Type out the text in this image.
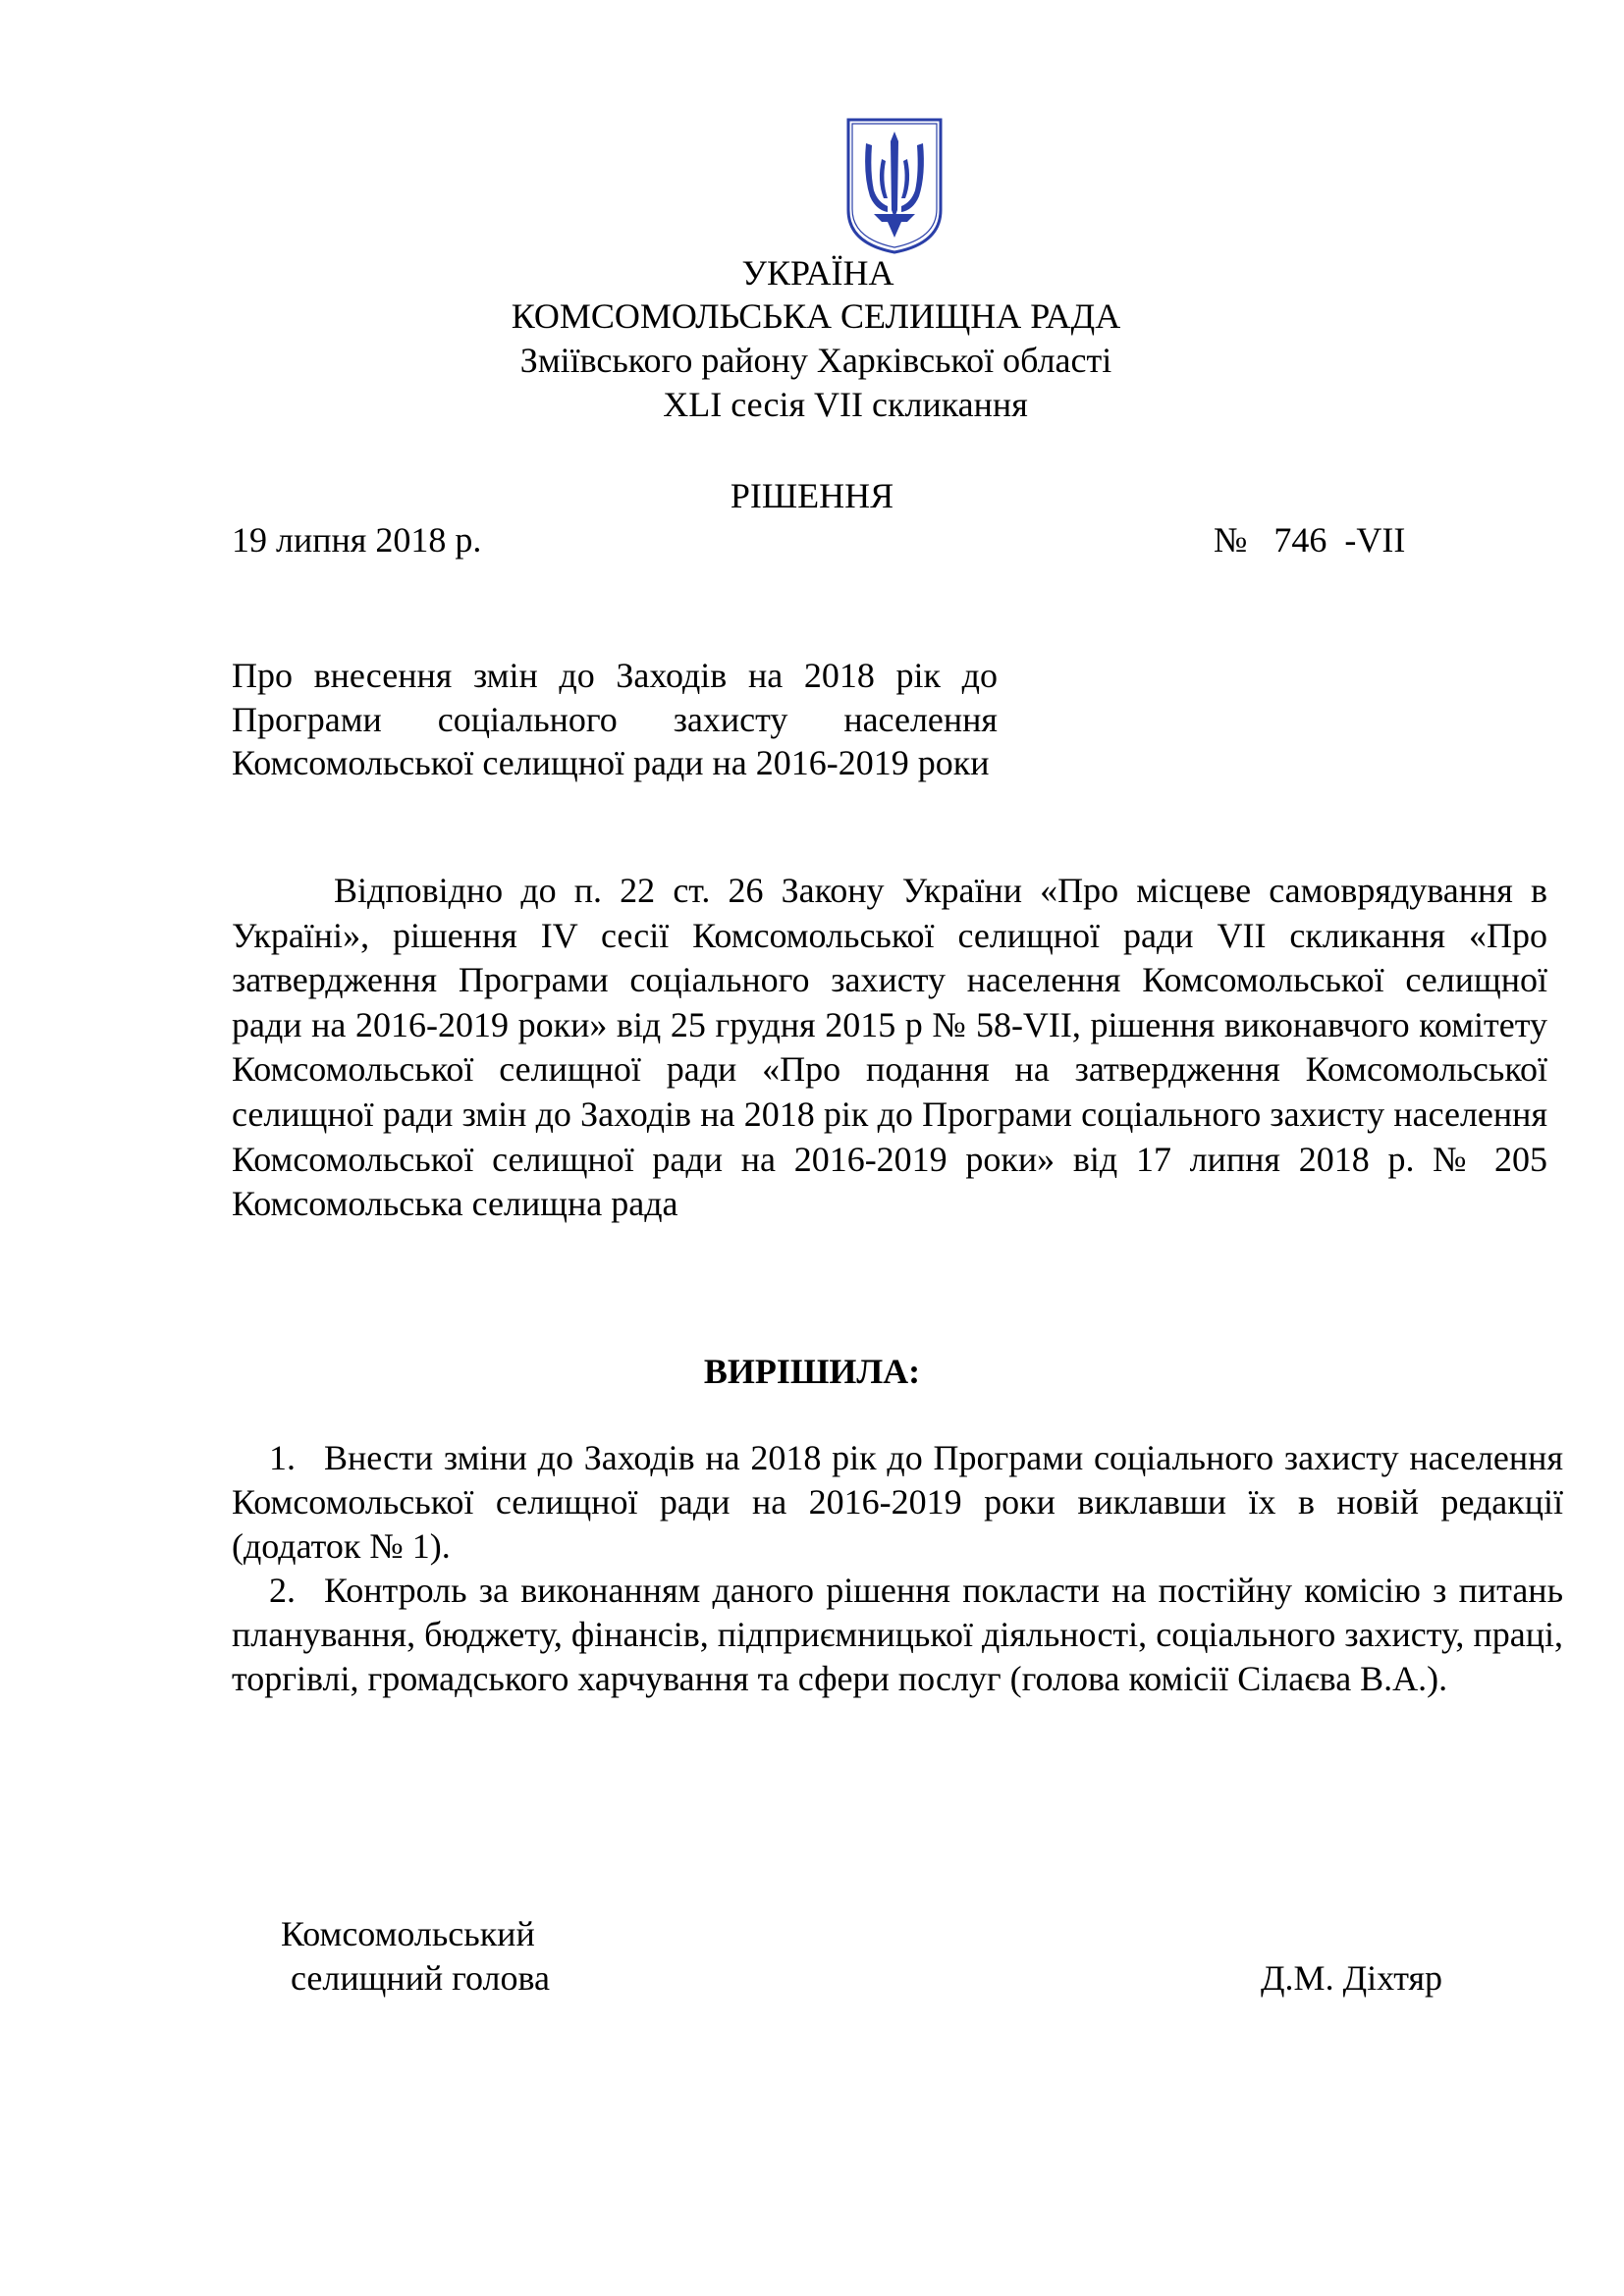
УКРАЇНА
КОМСОМОЛЬСЬКА СЕЛИЩНА РАДА
Зміївського району Харківської області
XLI сесія VII скликання
РІШЕННЯ
19 липня 2018 р.	№   746  -VII
Про внесення змін до Заходів на 2018 рік до Програми соціального захисту населення Комсомольської селищної ради на 2016-2019 роки
Відповідно до п. 22 ст. 26 Закону України «Про місцеве самоврядування в Україні», рішення IV сесії Комсомольської селищної ради VII скликання «Про затвердження Програми соціального захисту населення Комсомольської селищної ради на 2016-2019 роки» від 25 грудня 2015 р № 58-VII, рішення виконавчого комітету Комсомольської селищної ради «Про подання на затвердження Комсомольської селищної ради змін до Заходів на 2018 рік до Програми соціального захисту населення Комсомольської селищної ради на 2016-2019 роки» від 17 липня 2018 р. № 205 Комсомольська селищна рада
ВИРІШИЛА:
1. Внести зміни до Заходів на 2018 рік до Програми соціального захисту населення Комсомольської селищної ради на 2016-2019 роки виклавши їх в новій редакції (додаток № 1).
2. Контроль за виконанням даного рішення покласти на постійну комісію з питань планування, бюджету, фінансів, підприємницької діяльності, соціального захисту, праці, торгівлі, громадського харчування та сфери послуг (голова комісії Сілаєва В.А.).
Комсомольський
селищний голова	Д.М. Діхтяр
